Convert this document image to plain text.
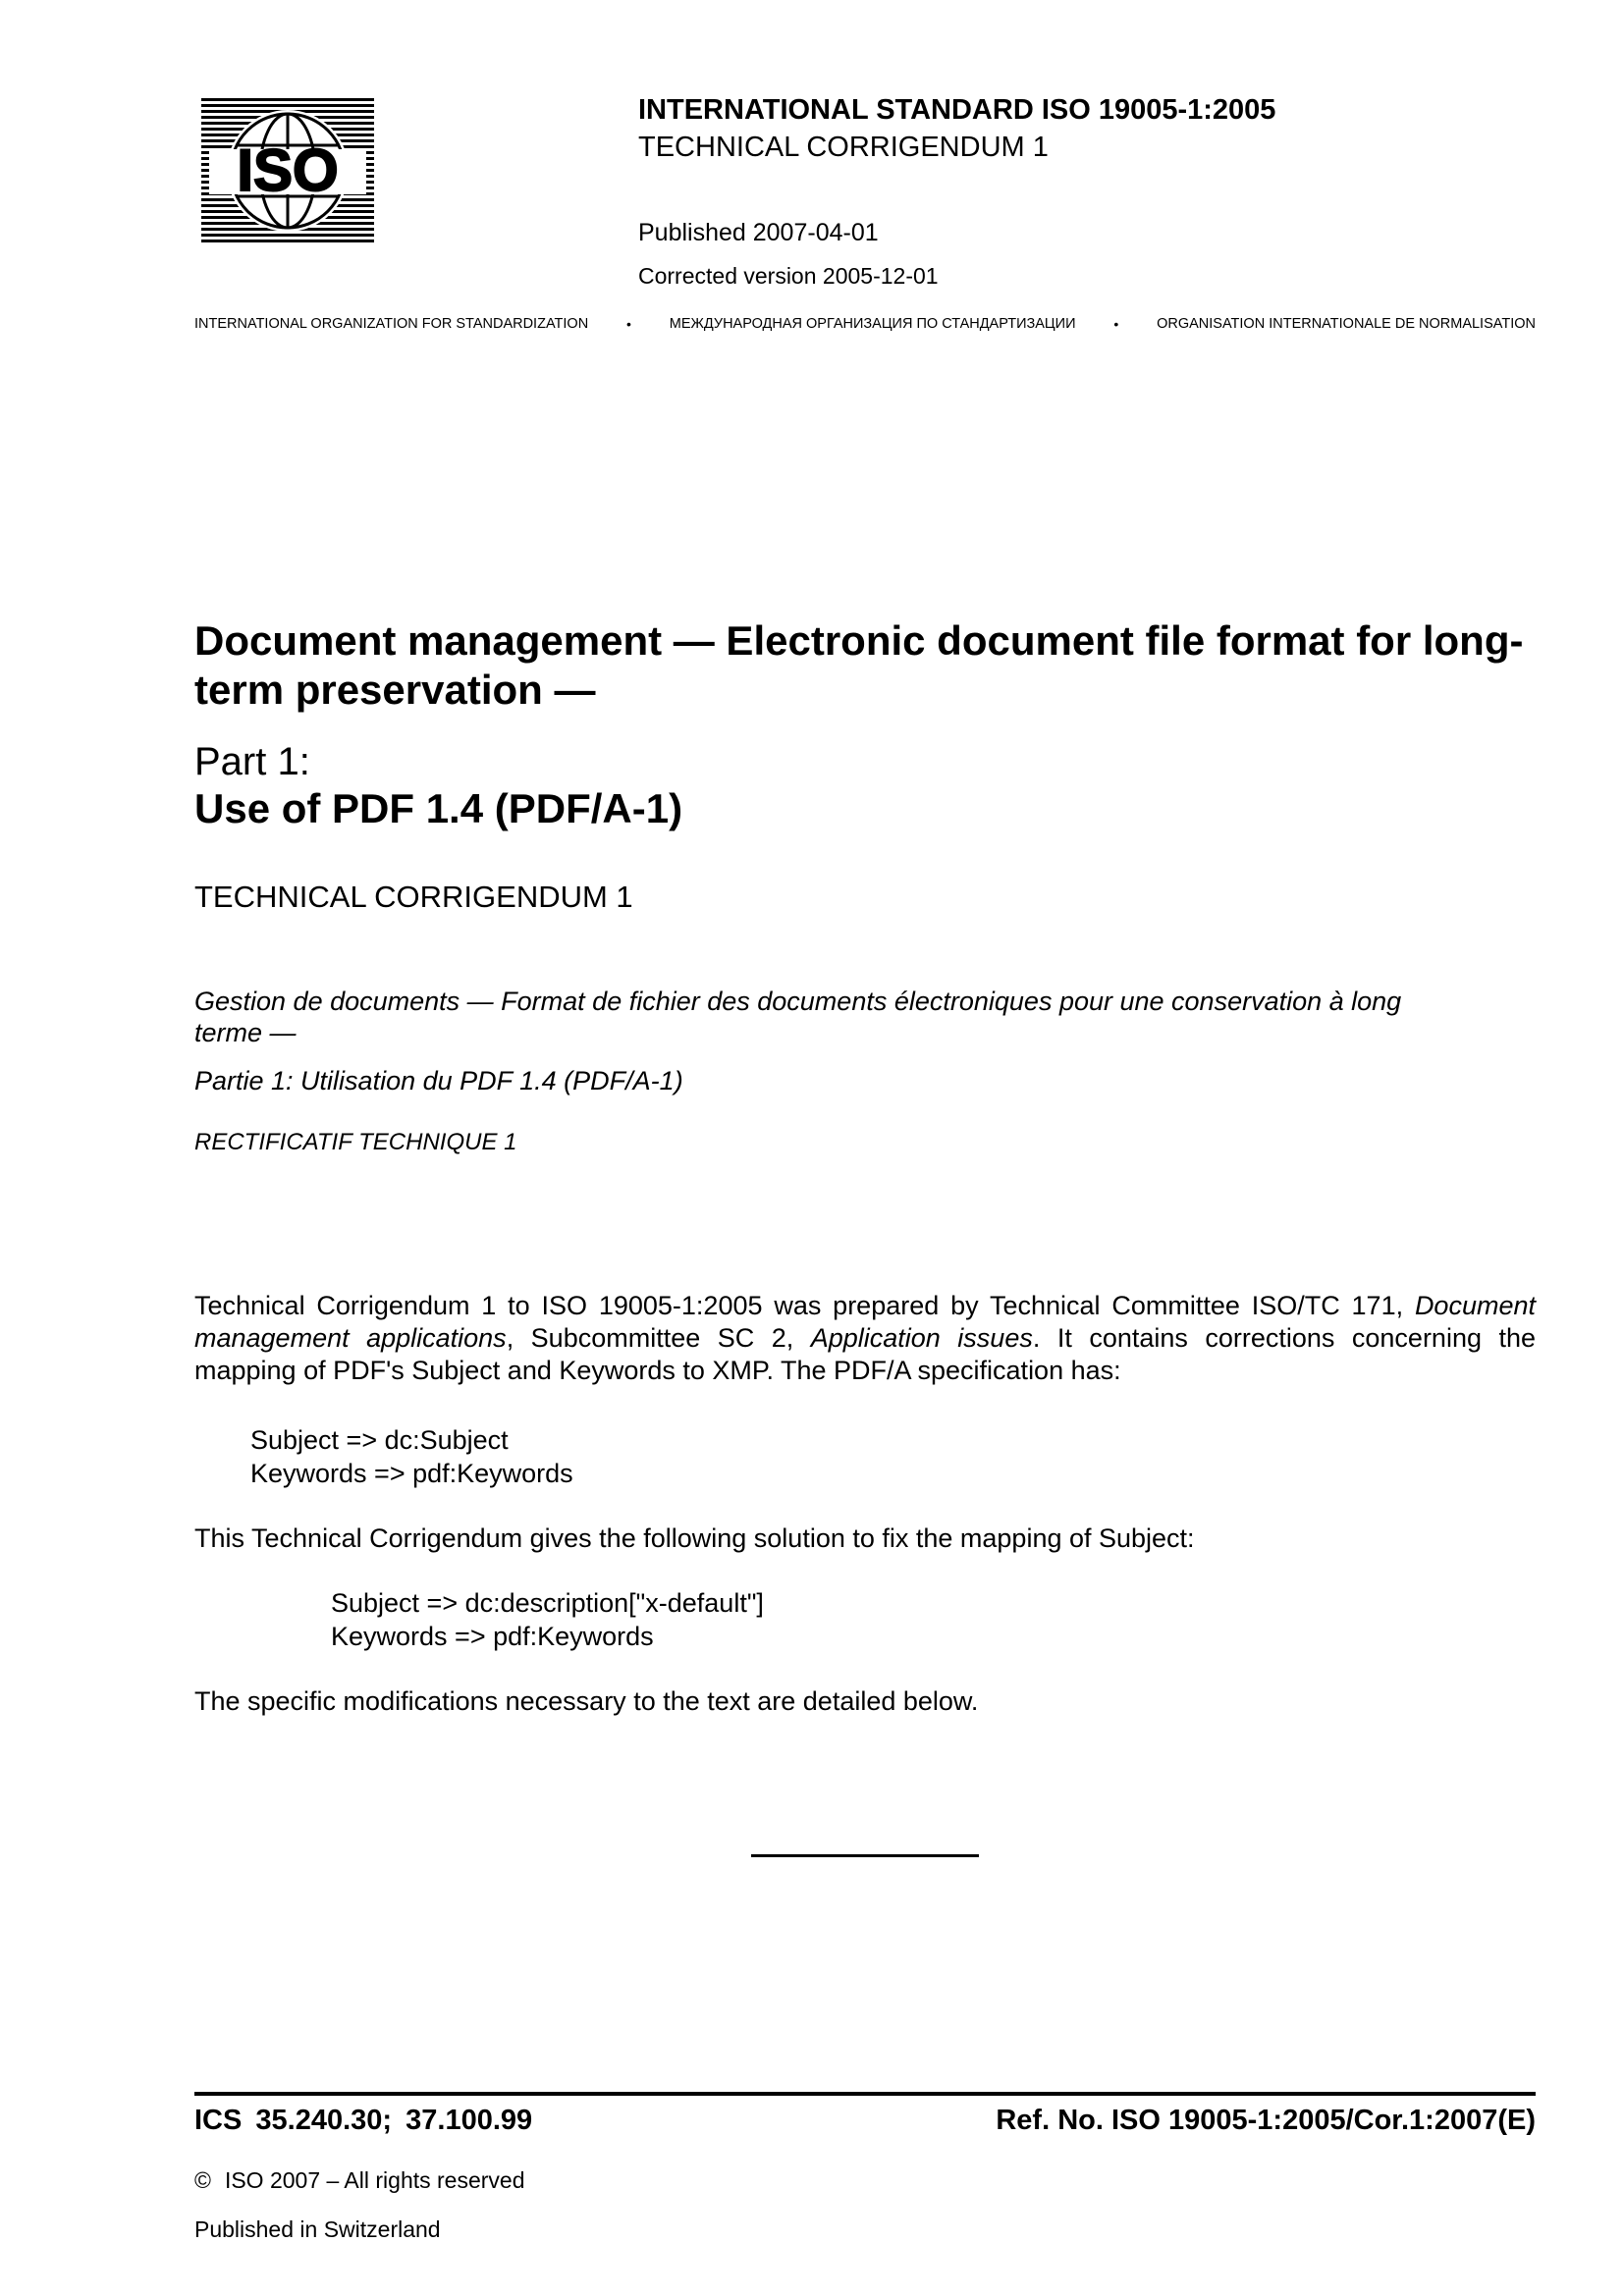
ISO
INTERNATIONAL STANDARD ISO 19005-1:2005
TECHNICAL CORRIGENDUM 1
Published 2007-04-01
Corrected version 2005-12-01
INTERNATIONAL ORGANIZATION FOR STANDARDIZATION	•	МЕЖДУНАРОДНАЯ ОРГАНИЗАЦИЯ ПО СТАНДАРТИЗАЦИИ	•	ORGANISATION INTERNATIONALE DE NORMALISATION
Document management — Electronic document file format for long-term preservation —
Part 1:
Use of PDF 1.4 (PDF/A-1)
TECHNICAL CORRIGENDUM 1
Gestion de documents — Format de fichier des documents électroniques pour une conservation à long terme —
Partie 1: Utilisation du PDF 1.4 (PDF/A-1)
RECTIFICATIF TECHNIQUE 1
Technical Corrigendum 1 to ISO 19005-1:2005 was prepared by Technical Committee ISO/TC 171, Document management applications, Subcommittee SC 2, Application issues. It contains corrections concerning the mapping of PDF's Subject and Keywords to XMP. The PDF/A specification has:
Subject => dc:Subject
Keywords => pdf:Keywords
This Technical Corrigendum gives the following solution to fix the mapping of Subject:
Subject => dc:description["x-default"]
Keywords => pdf:Keywords
The specific modifications necessary to the text are detailed below.
ICS 35.240.30; 37.100.99	Ref. No. ISO 19005-1:2005/Cor.1:2007(E)
© ISO 2007 – All rights reserved
Published in Switzerland
